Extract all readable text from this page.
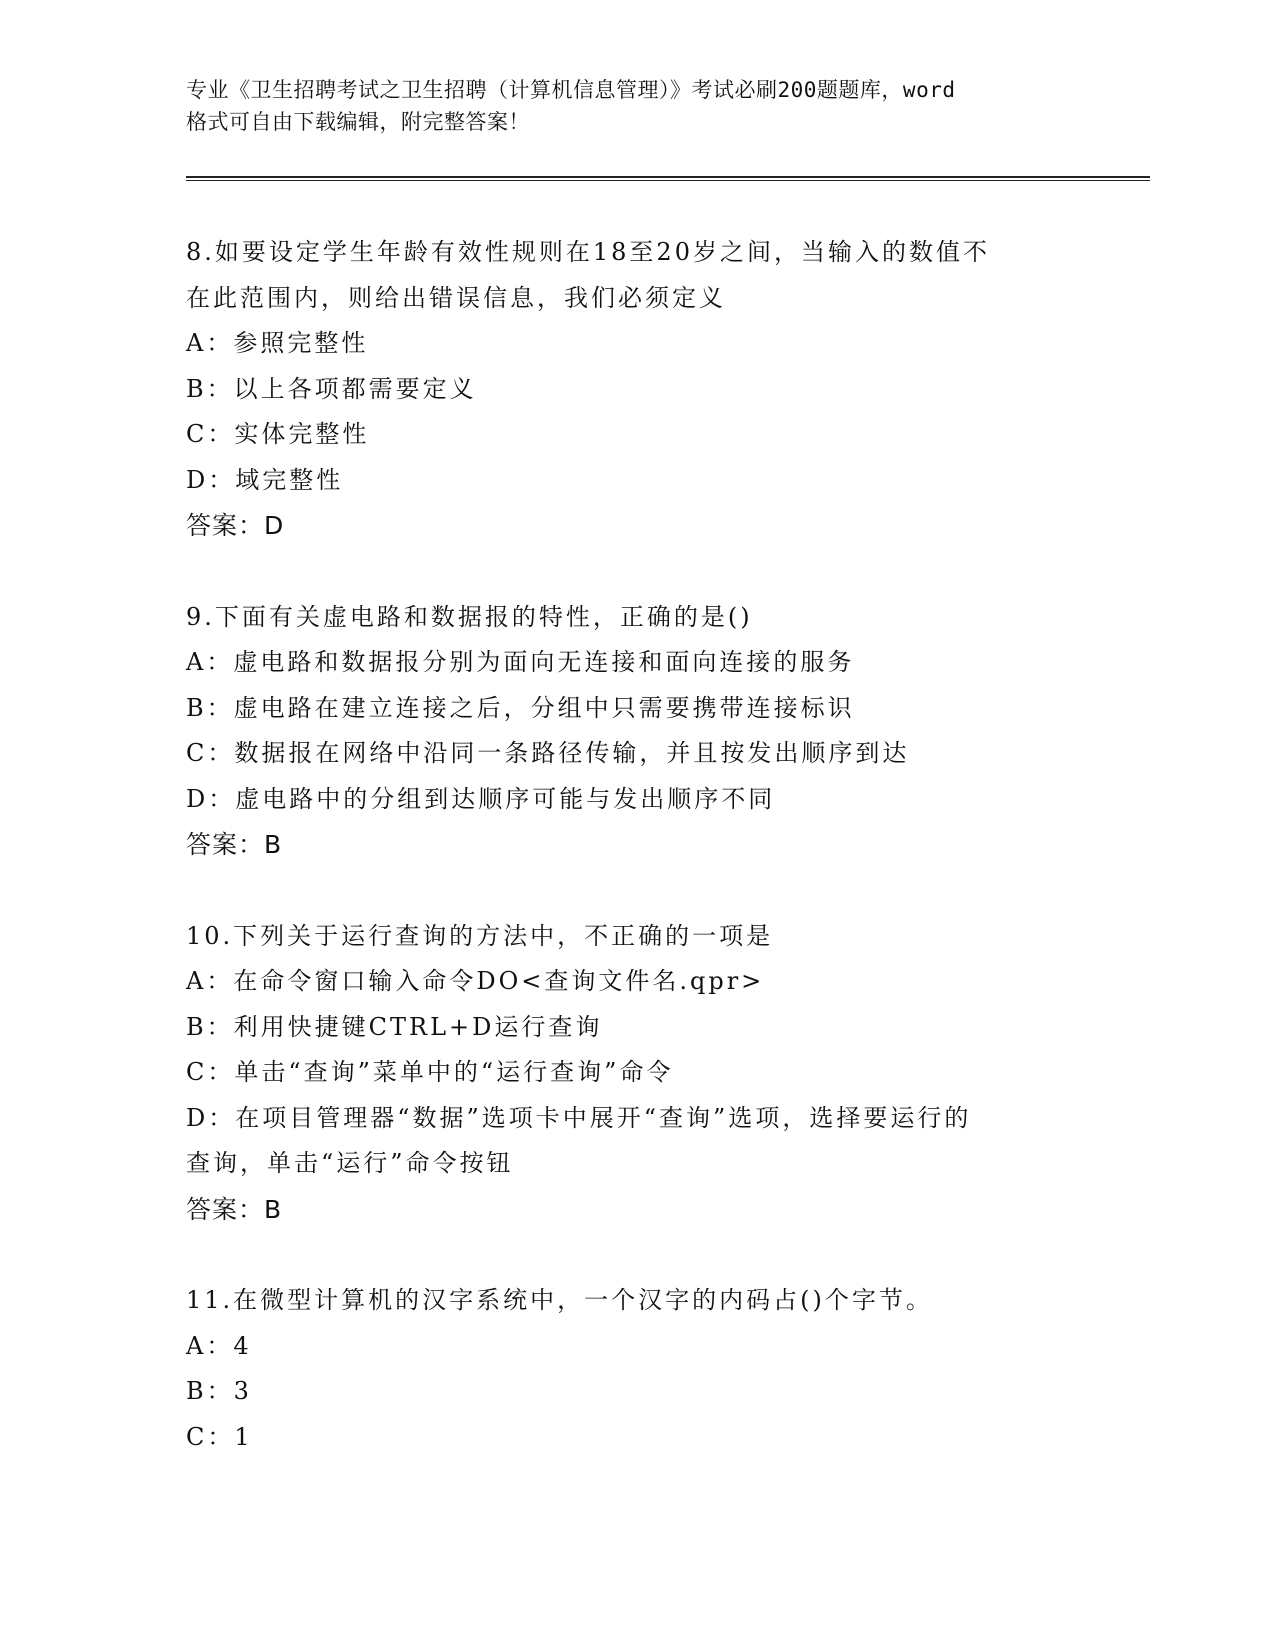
专业《卫生招聘考试之卫生招聘（计算机信息管理）》考试必刷200题题库，word
格式可自由下载编辑，附完整答案！
8.如要设定学生年龄有效性规则在18至20岁之间，当输入的数值不
在此范围内，则给出错误信息，我们必须定义
A：参照完整性
B：以上各项都需要定义
C：实体完整性
D：域完整性
答案：D
9.下面有关虚电路和数据报的特性，正确的是()
A：虚电路和数据报分别为面向无连接和面向连接的服务
B：虚电路在建立连接之后，分组中只需要携带连接标识
C：数据报在网络中沿同一条路径传输，并且按发出顺序到达
D：虚电路中的分组到达顺序可能与发出顺序不同
答案：B
10.下列关于运行查询的方法中，不正确的一项是
A：在命令窗口输入命令DO<查询文件名.qpr>
B：利用快捷键CTRL+D运行查询
C：单击“查询”菜单中的“运行查询”命令
D：在项目管理器“数据”选项卡中展开“查询”选项，选择要运行的
查询，单击“运行”命令按钮
答案：B
11.在微型计算机的汉字系统中，一个汉字的内码占()个字节。
A：4
B：3
C：1
